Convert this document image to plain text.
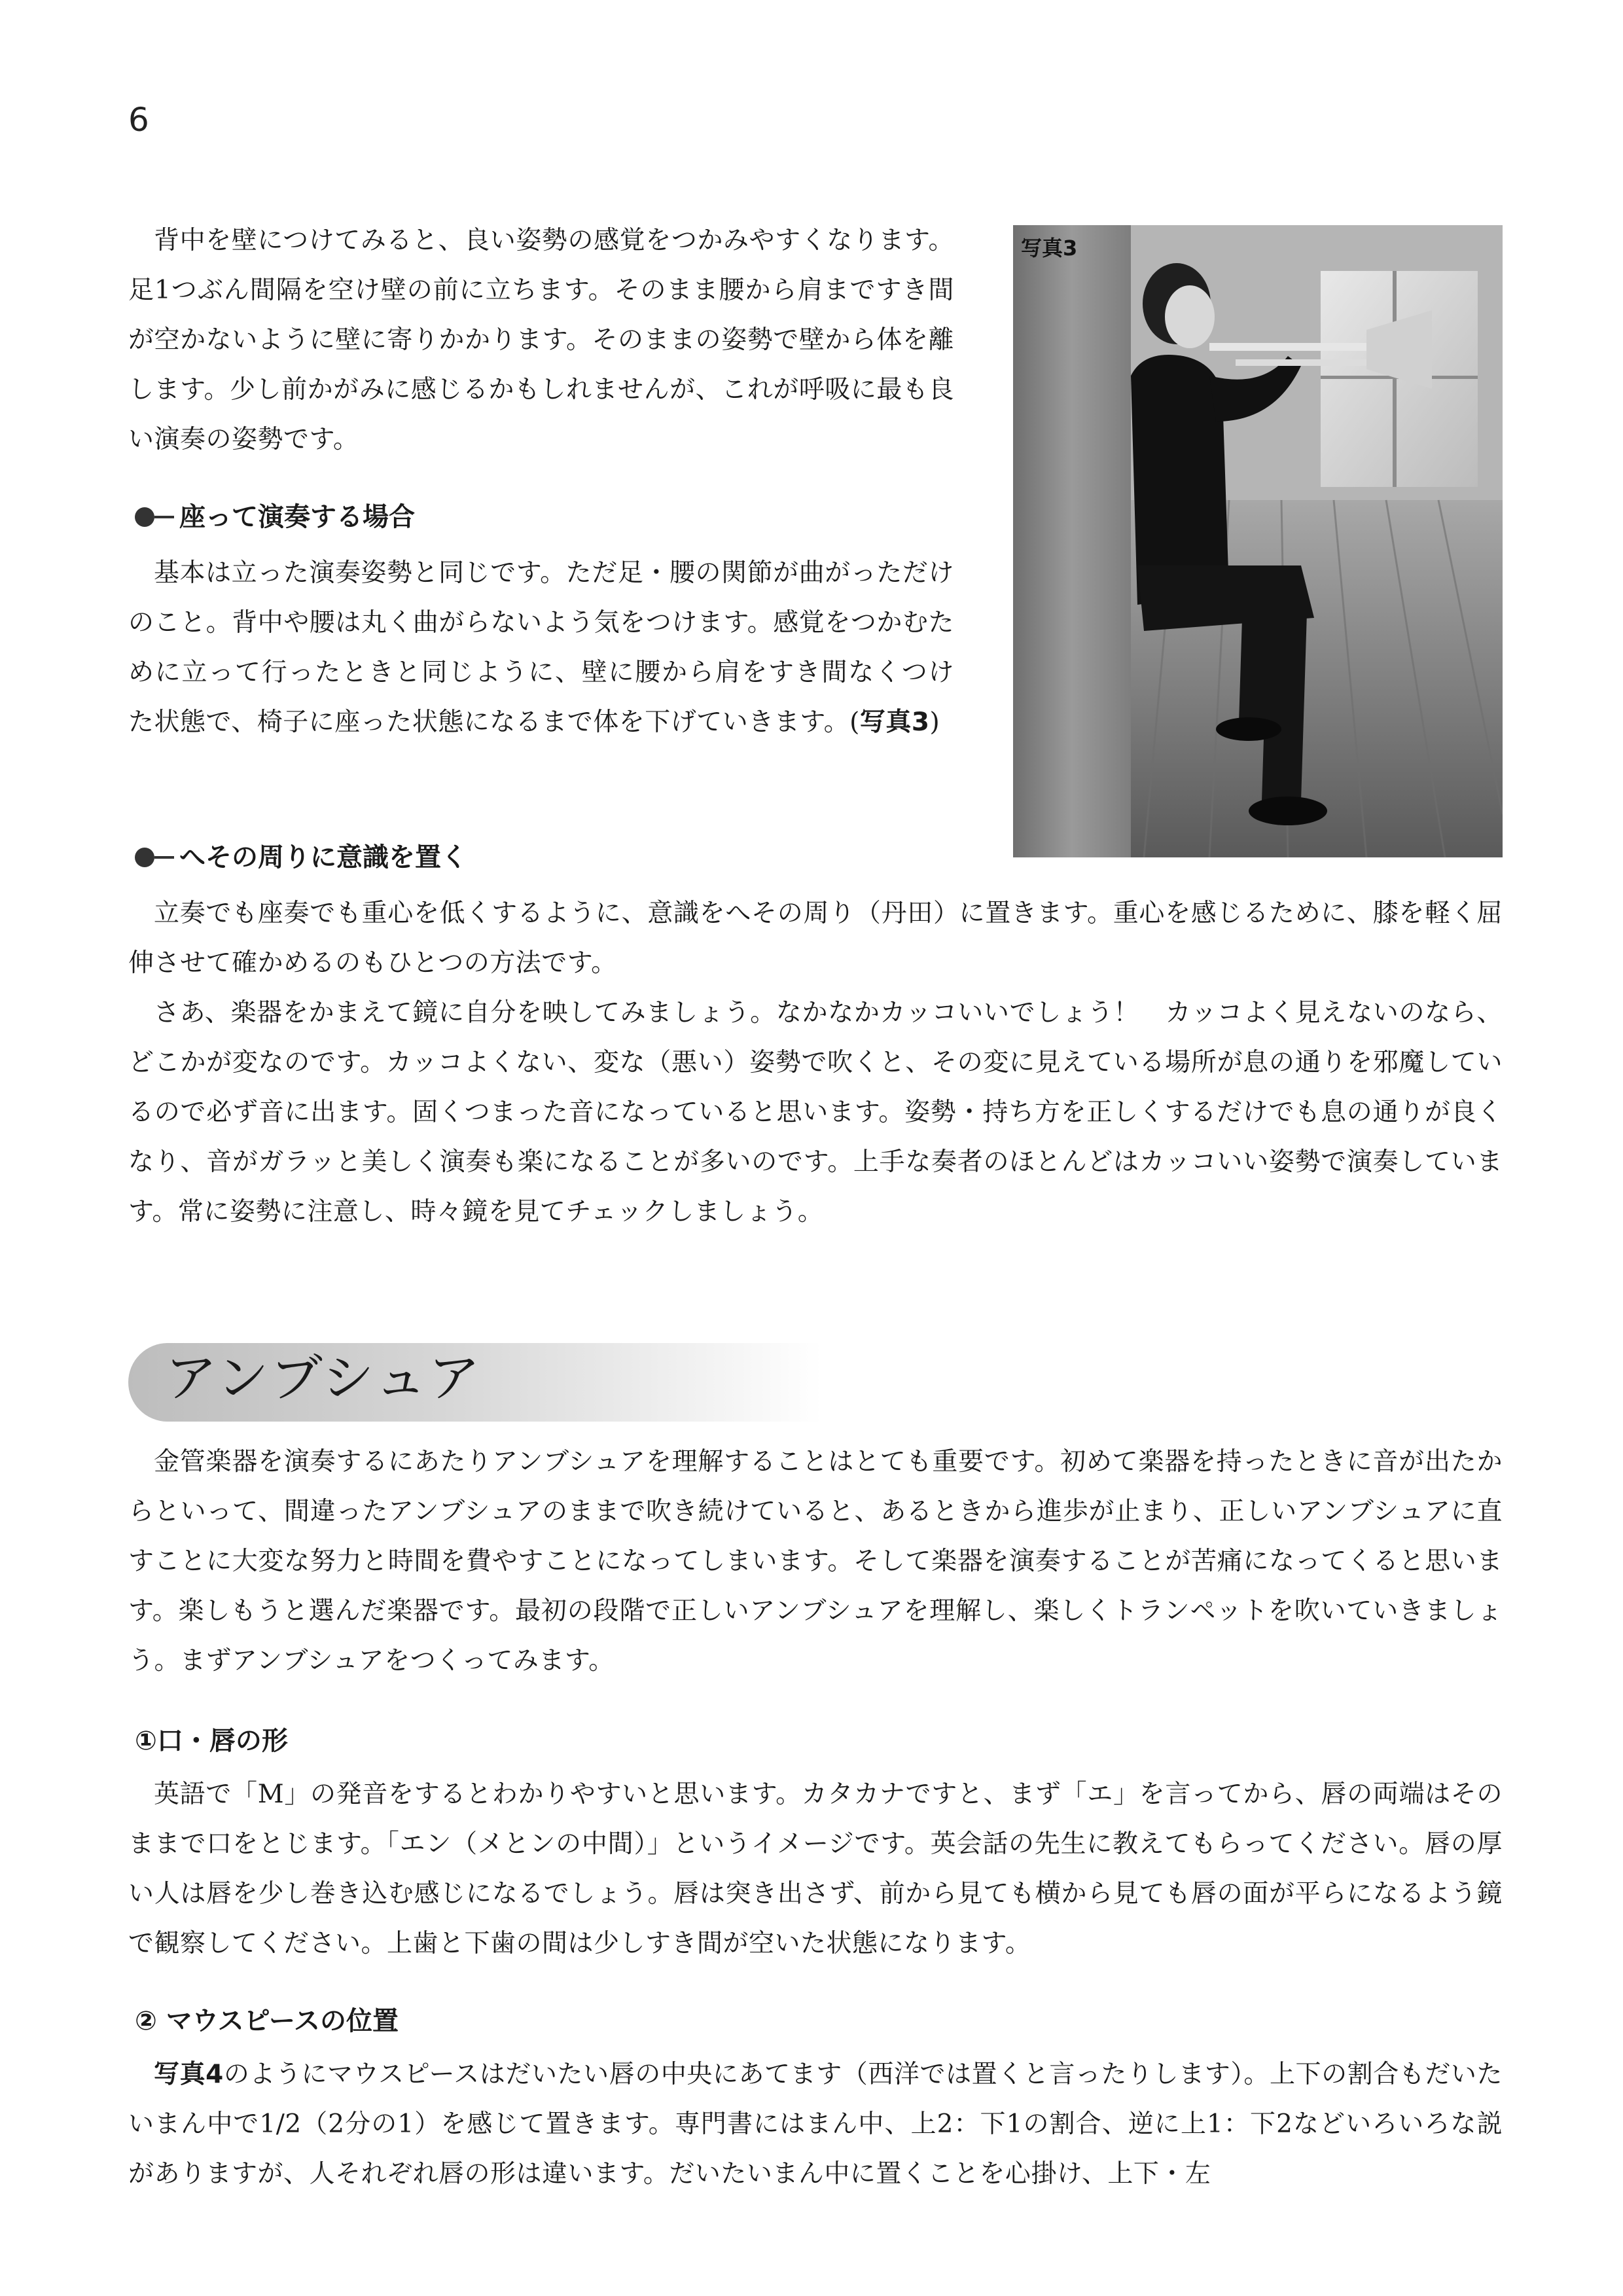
6

背中を壁につけてみると、良い姿勢の感覚をつかみやすくなります。足1つぶん間隔を空け壁の前に立ちます。そのまま腰から肩まですき間が空かないように壁に寄りかかります。そのままの姿勢で壁から体を離します。少し前かがみに感じるかもしれませんが、これが呼吸に最も良い演奏の姿勢です。

写真3
座って演奏する場合

基本は立った演奏姿勢と同じです。ただ足・腰の関節が曲がっただけのこと。背中や腰は丸く曲がらないよう気をつけます。感覚をつかむために立って行ったときと同じように、壁に腰から肩をすき間なくつけた状態で、椅子に座った状態になるまで体を下げていきます。(写真3)

へその周りに意識を置く

立奏でも座奏でも重心を低くするように、意識をへその周り（丹田）に置きます。重心を感じるために、膝を軽く屈伸させて確かめるのもひとつの方法です。

さあ、楽器をかまえて鏡に自分を映してみましょう。なかなかカッコいいでしょう！　カッコよく見えないのなら、どこかが変なのです。カッコよくない、変な（悪い）姿勢で吹くと、その変に見えている場所が息の通りを邪魔しているので必ず音に出ます。固くつまった音になっていると思います。姿勢・持ち方を正しくするだけでも息の通りが良くなり、音がガラッと美しく演奏も楽になることが多いのです。上手な奏者のほとんどはカッコいい姿勢で演奏しています。常に姿勢に注意し、時々鏡を見てチェックしましょう。

アンブシュア

金管楽器を演奏するにあたりアンブシュアを理解することはとても重要です。初めて楽器を持ったときに音が出たからといって、間違ったアンブシュアのままで吹き続けていると、あるときから進歩が止まり、正しいアンブシュアに直すことに大変な努力と時間を費やすことになってしまいます。そして楽器を演奏することが苦痛になってくると思います。楽しもうと選んだ楽器です。最初の段階で正しいアンブシュアを理解し、楽しくトランペットを吹いていきましょう。まずアンブシュアをつくってみます。

①口・唇の形

英語で「M」の発音をするとわかりやすいと思います。カタカナですと、まず「エ」を言ってから、唇の両端はそのままで口をとじます。「エン（メとンの中間）」というイメージです。英会話の先生に教えてもらってください。唇の厚い人は唇を少し巻き込む感じになるでしょう。唇は突き出さず、前から見ても横から見ても唇の面が平らになるよう鏡で観察してください。上歯と下歯の間は少しすき間が空いた状態になります。

② マウスピースの位置

写真4のようにマウスピースはだいたい唇の中央にあてます（西洋では置くと言ったりします）。上下の割合もだいたいまん中で1/2（2分の1）を感じて置きます。専門書にはまん中、上2：下1の割合、逆に上1：下2などいろいろな説がありますが、人それぞれ唇の形は違います。だいたいまん中に置くことを心掛け、上下・左
